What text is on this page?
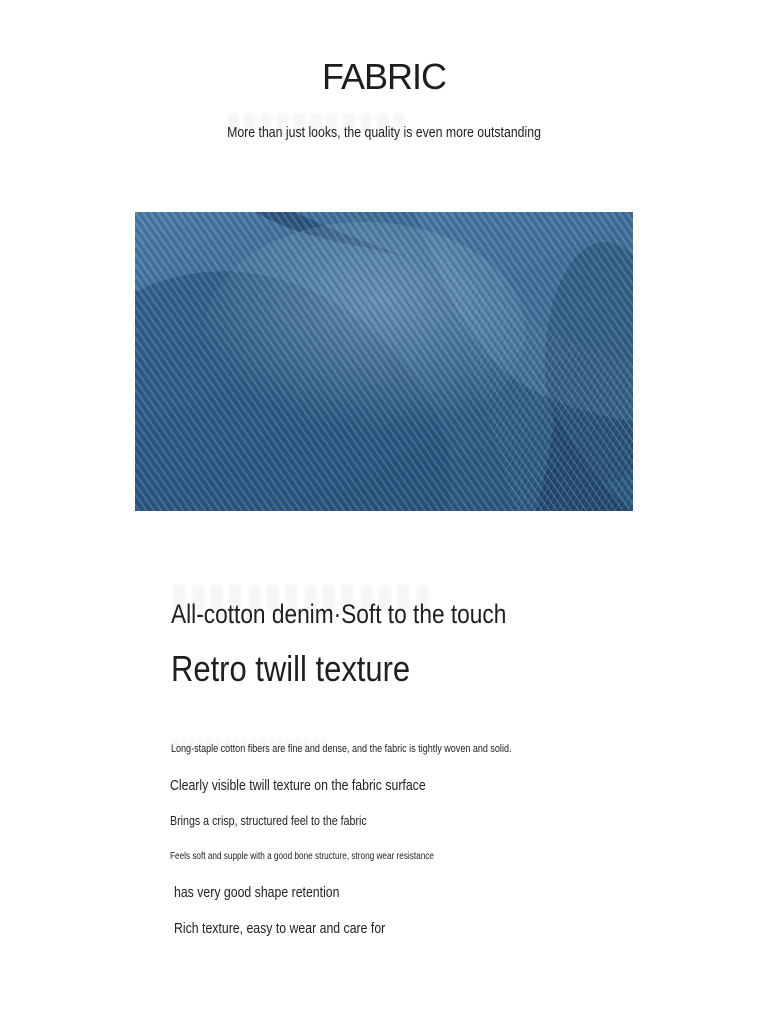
FABRIC
More than just looks, the quality is even more outstanding
All-cotton denim·Soft to the touch
Retro twill texture
Long-staple cotton fibers are fine and dense, and the fabric is tightly woven and solid.
Clearly visible twill texture on the fabric surface
Brings a crisp, structured feel to the fabric
Feels soft and supple with a good bone structure, strong wear resistance
has very good shape retention
Rich texture, easy to wear and care for
